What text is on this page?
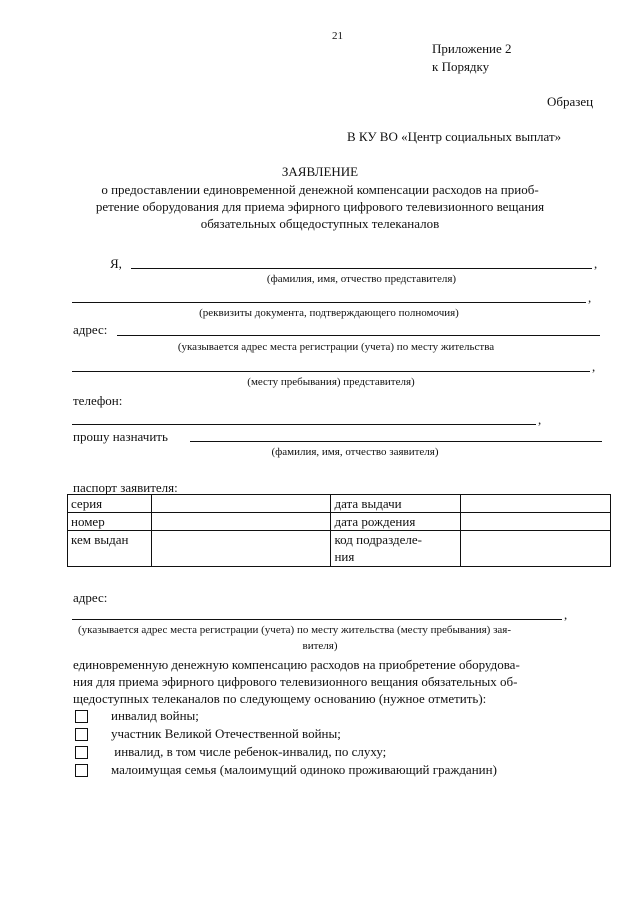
21
Приложение 2
к Порядку
Образец
В КУ ВО «Центр социальных выплат»
ЗАЯВЛЕНИЕ
о предоставлении единовременной денежной компенсации расходов на приоб-
ретение оборудования для приема эфирного цифрового телевизионного вещания
обязательных общедоступных телеканалов
Я,	,
(фамилия, имя, отчество представителя)
,
(реквизиты документа, подтверждающего полномочия)
адрес:
(указывается адрес места регистрации (учета) по месту жительства
,
(месту пребывания) представителя)
телефон:
,
прошу назначить
(фамилия, имя, отчество заявителя)
паспорт заявителя:
серия		дата выдачи	
номер		дата рождения	
кем выдан		код подразделе-
ния	
адрес:
,
(указывается адрес места регистрации (учета) по месту жительства (месту пребывания) зая-
вителя)
единовременную денежную компенсацию расходов на приобретение оборудова-
ния для приема эфирного цифрового телевизионного вещания обязательных об-
щедоступных телеканалов по следующему основанию (нужное отметить):
инвалид войны;
участник Великой Отечественной войны;
инвалид, в том числе ребенок-инвалид, по слуху;
малоимущая семья (малоимущий одиноко проживающий гражданин)
